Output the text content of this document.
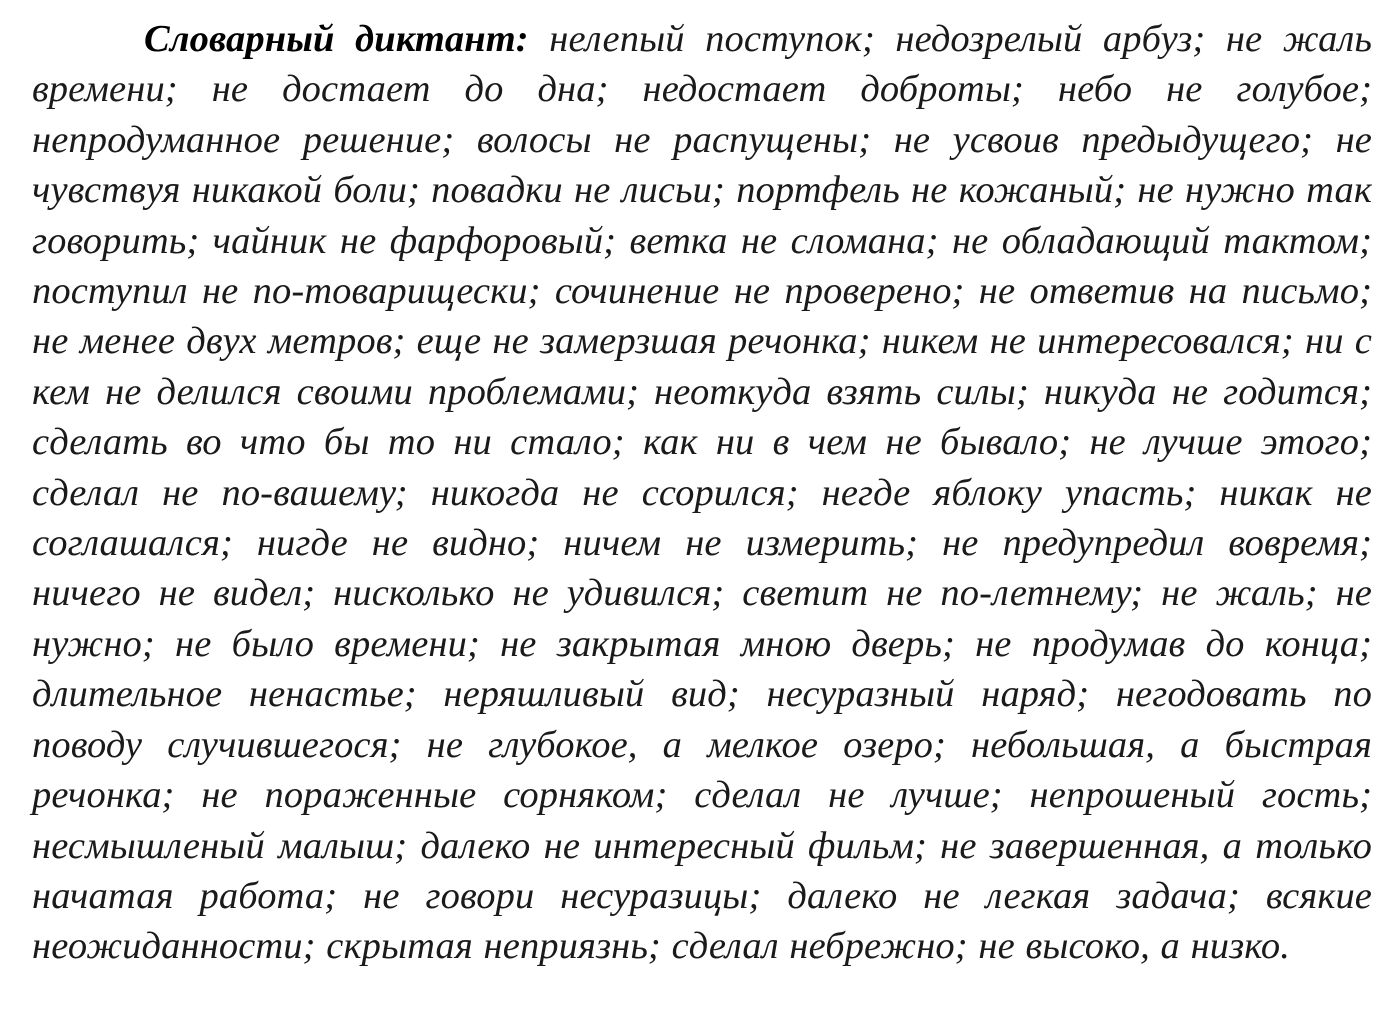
Словарный диктант: нелепый поступок; недозрелый арбуз; не жаль времени; не достает до дна; недостает доброты; небо не голубое; непродуманное решение; волосы не распущены; не усвоив предыдущего; не чувствуя никакой боли; повадки не лисьи; портфель не кожаный; не нужно так говорить; чайник не фарфоровый; ветка не сломана; не обладающий тактом; поступил не по-товарищески; сочинение не проверено; не ответив на письмо; не менее двух метров; еще не замерзшая речонка; никем не интересовался; ни с кем не делился своими проблемами; неоткуда взять силы; никуда не годится; сделать во что бы то ни стало; как ни в чем не бывало; не лучше этого; сделал не по-вашему; никогда не ссорился; негде яблоку упасть; никак не соглашался; нигде не видно; ничем не измерить; не предупредил вовремя; ничего не видел; нисколько не удивился; светит не по-летнему; не жаль; не нужно; не было времени; не закрытая мною дверь; не продумав до конца; длительное ненастье; неряшливый вид; несуразный наряд; негодовать по поводу случившегося; не глубокое, а мелкое озеро; небольшая, а быстрая речонка; не пораженные сорняком; сделал не лучше; непрошеный гость; несмышленый малыш; далеко не интересный фильм; не завершенная, а только начатая работа; не говори несуразицы; далеко не легкая задача; всякие неожиданности; скрытая неприязнь; сделал небрежно; не высоко, а низко.
